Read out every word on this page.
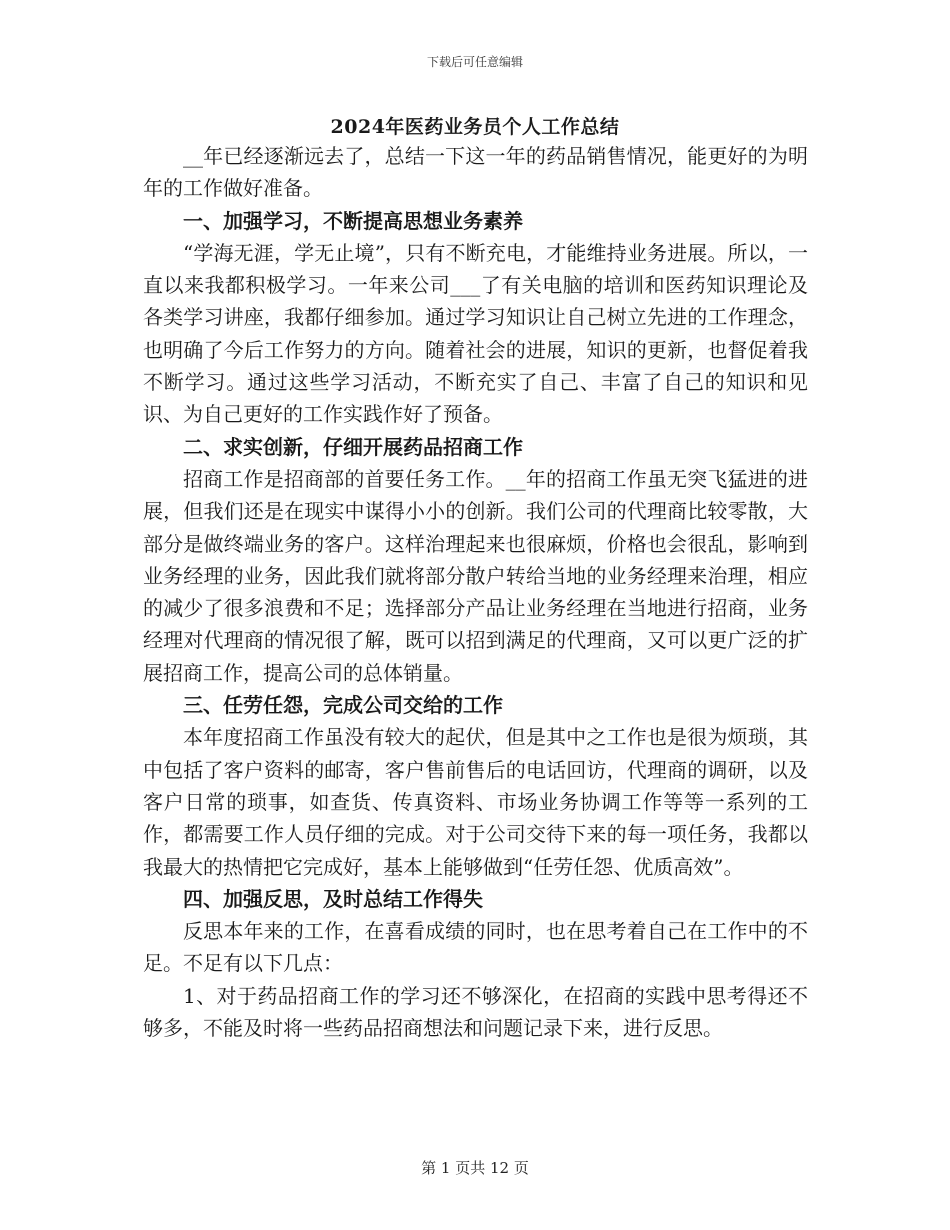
下载后可任意编辑
2024年医药业务员个人工作总结

__年已经逐渐远去了，总结一下这一年的药品销售情况，能更好的为明年的工作做好准备。

一、加强学习，不断提高思想业务素养

“学海无涯，学无止境”，只有不断充电，才能维持业务进展。所以，一直以来我都积极学习。一年来公司___了有关电脑的培训和医药知识理论及各类学习讲座，我都仔细参加。通过学习知识让自己树立先进的工作理念，也明确了今后工作努力的方向。随着社会的进展，知识的更新，也督促着我不断学习。通过这些学习活动，不断充实了自己、丰富了自己的知识和见识、为自己更好的工作实践作好了预备。

二、求实创新，仔细开展药品招商工作

招商工作是招商部的首要任务工作。__年的招商工作虽无突飞猛进的进展，但我们还是在现实中谋得小小的创新。我们公司的代理商比较零散，大部分是做终端业务的客户。这样治理起来也很麻烦，价格也会很乱，影响到业务经理的业务，因此我们就将部分散户转给当地的业务经理来治理，相应的减少了很多浪费和不足；选择部分产品让业务经理在当地进行招商，业务经理对代理商的情况很了解，既可以招到满足的代理商，又可以更广泛的扩展招商工作，提高公司的总体销量。

三、任劳任怨，完成公司交给的工作

本年度招商工作虽没有较大的起伏，但是其中之工作也是很为烦琐，其中包括了客户资料的邮寄，客户售前售后的电话回访，代理商的调研，以及客户日常的琐事，如查货、传真资料、市场业务协调工作等等一系列的工作，都需要工作人员仔细的完成。对于公司交待下来的每一项任务，我都以我最大的热情把它完成好，基本上能够做到“任劳任怨、优质高效”。

四、加强反思，及时总结工作得失

反思本年来的工作，在喜看成绩的同时，也在思考着自己在工作中的不足。不足有以下几点：

1、对于药品招商工作的学习还不够深化，在招商的实践中思考得还不够多，不能及时将一些药品招商想法和问题记录下来，进行反思。

第 1 页共 12 页
